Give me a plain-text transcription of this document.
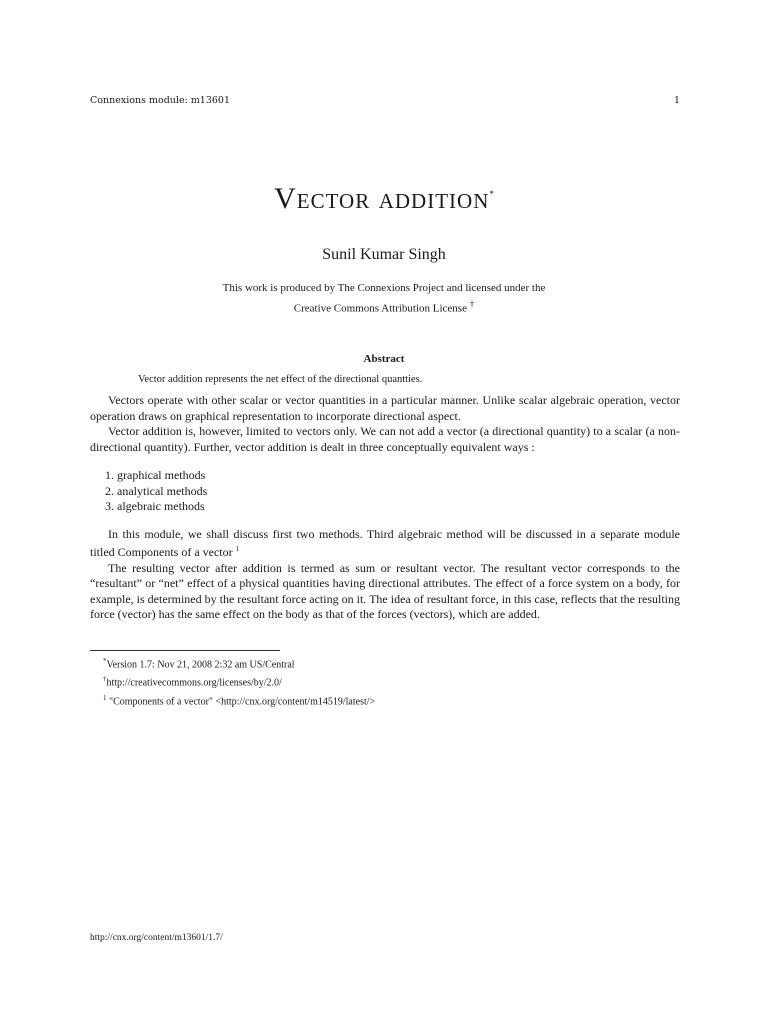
Connexions module: m13601	1
Vector addition*
Sunil Kumar Singh
This work is produced by The Connexions Project and licensed under the
Creative Commons Attribution License †
Abstract
Vector addition represents the net effect of the directional quantties.

Vectors operate with other scalar or vector quantities in a particular manner. Unlike scalar algebraic operation, vector operation draws on graphical representation to incorporate directional aspect.

Vector addition is, however, limited to vectors only. We can not add a vector (a directional quantity) to a scalar (a non-directional quantity). Further, vector addition is dealt in three conceptually equivalent ways :

1. graphical methods
2. analytical methods
3. algebraic methods

In this module, we shall discuss first two methods. Third algebraic method will be discussed in a separate module titled Components of a vector $^1$

The resulting vector after addition is termed as sum or resultant vector. The resultant vector corresponds to the “resultant” or “net” effect of a physical quantities having directional attributes. The effect of a force system on a body, for example, is determined by the resultant force acting on it. The idea of resultant force, in this case, reflects that the resulting force (vector) has the same effect on the body as that of the forces (vectors), which are added.

*Version 1.7: Nov 21, 2008 2:32 am US/Central
†http://creativecommons.org/licenses/by/2.0/
$^1$ "Components of a vector" <http://cnx.org/content/m14519/latest/>
http://cnx.org/content/m13601/1.7/
